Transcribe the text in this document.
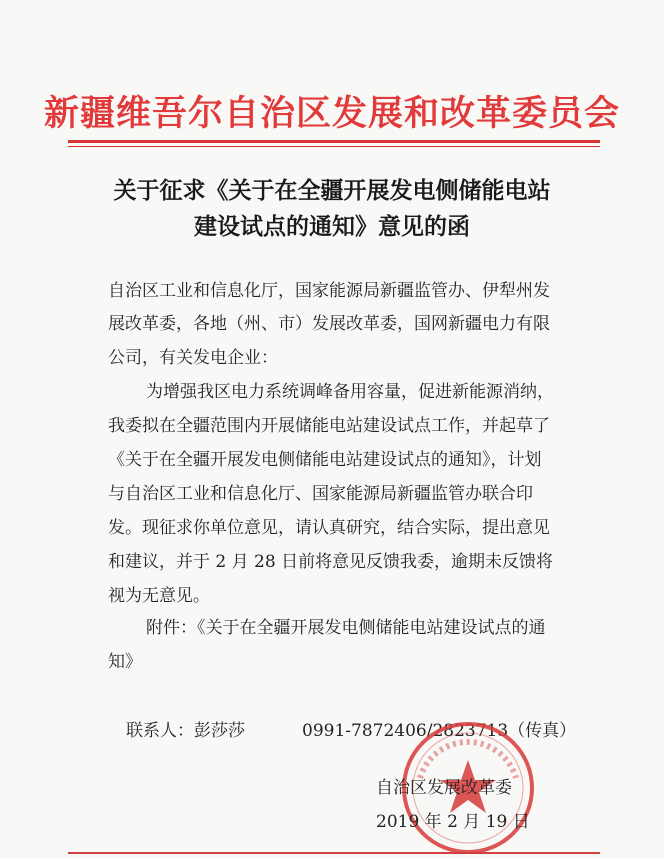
新疆维吾尔自治区发展和改革委员会
关于征求《关于在全疆开展发电侧储能电站
建设试点的通知》意见的函
自治区工业和信息化厅，国家能源局新疆监管办、伊犁州发
展改革委，各地（州、市）发展改革委，国网新疆电力有限
公司，有关发电企业：
为增强我区电力系统调峰备用容量，促进新能源消纳，
我委拟在全疆范围内开展储能电站建设试点工作，并起草了
《关于在全疆开展发电侧储能电站建设试点的通知》，计划
与自治区工业和信息化厅、国家能源局新疆监管办联合印
发。现征求你单位意见，请认真研究，结合实际，提出意见
和建议，并于 2 月 28 日前将意见反馈我委，逾期未反馈将
视为无意见。
附件：《关于在全疆开展发电侧储能电站建设试点的通
知》
联系人：彭莎莎	0991-7872406/2823713（传真）
自治区发展改革委
2019 年 2 月 19 日
